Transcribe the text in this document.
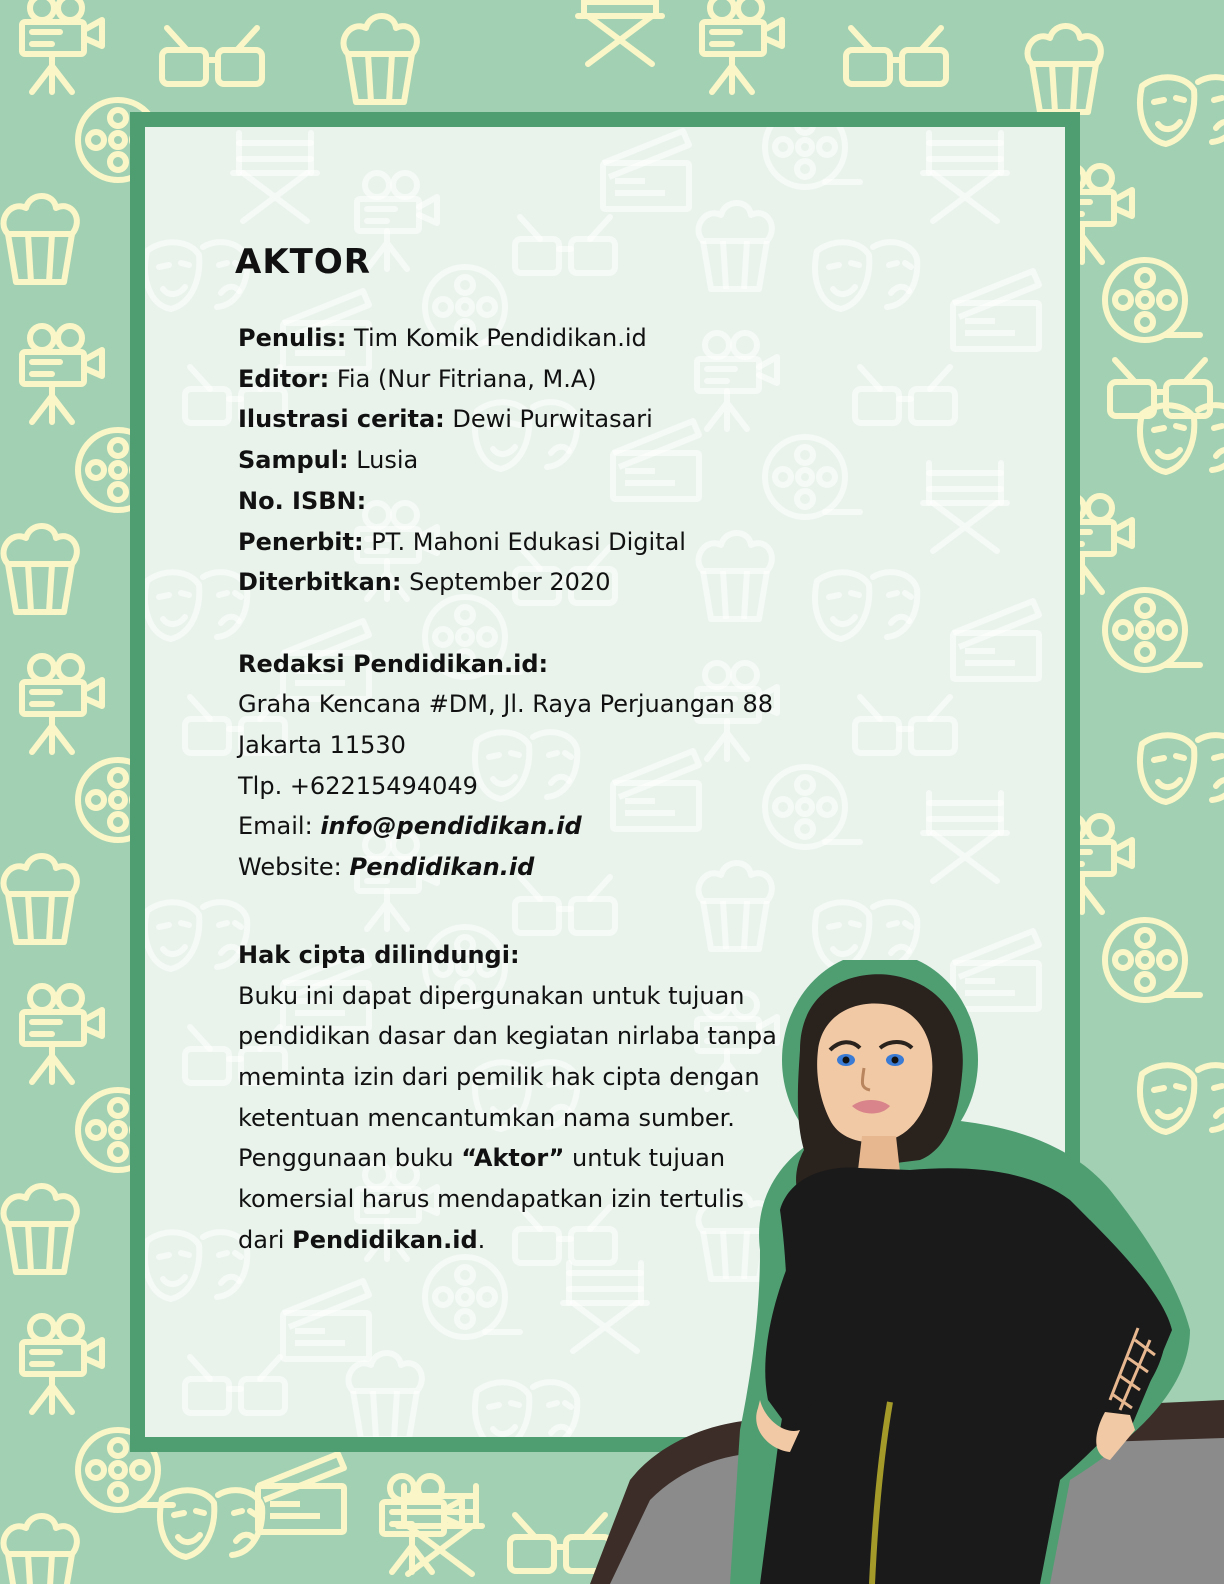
AKTOR
Penulis: Tim Komik Pendidikan.id
Editor: Fia (Nur Fitriana, M.A)
Ilustrasi cerita: Dewi Purwitasari
Sampul: Lusia
No. ISBN:
Penerbit: PT. Mahoni Edukasi Digital
Diterbitkan: September 2020
Redaksi Pendidikan.id:
Graha Kencana #DM, Jl. Raya Perjuangan 88
Jakarta 11530
Tlp. +62215494049
Email: info@pendidikan.id
Website: Pendidikan.id
Hak cipta dilindungi:
Buku ini dapat dipergunakan untuk tujuan pendidikan dasar dan kegiatan nirlaba tanpa meminta izin dari pemilik hak cipta dengan ketentuan mencantumkan nama sumber. Penggunaan buku “Aktor” untuk tujuan komersial harus mendapatkan izin tertulis dari Pendidikan.id.
